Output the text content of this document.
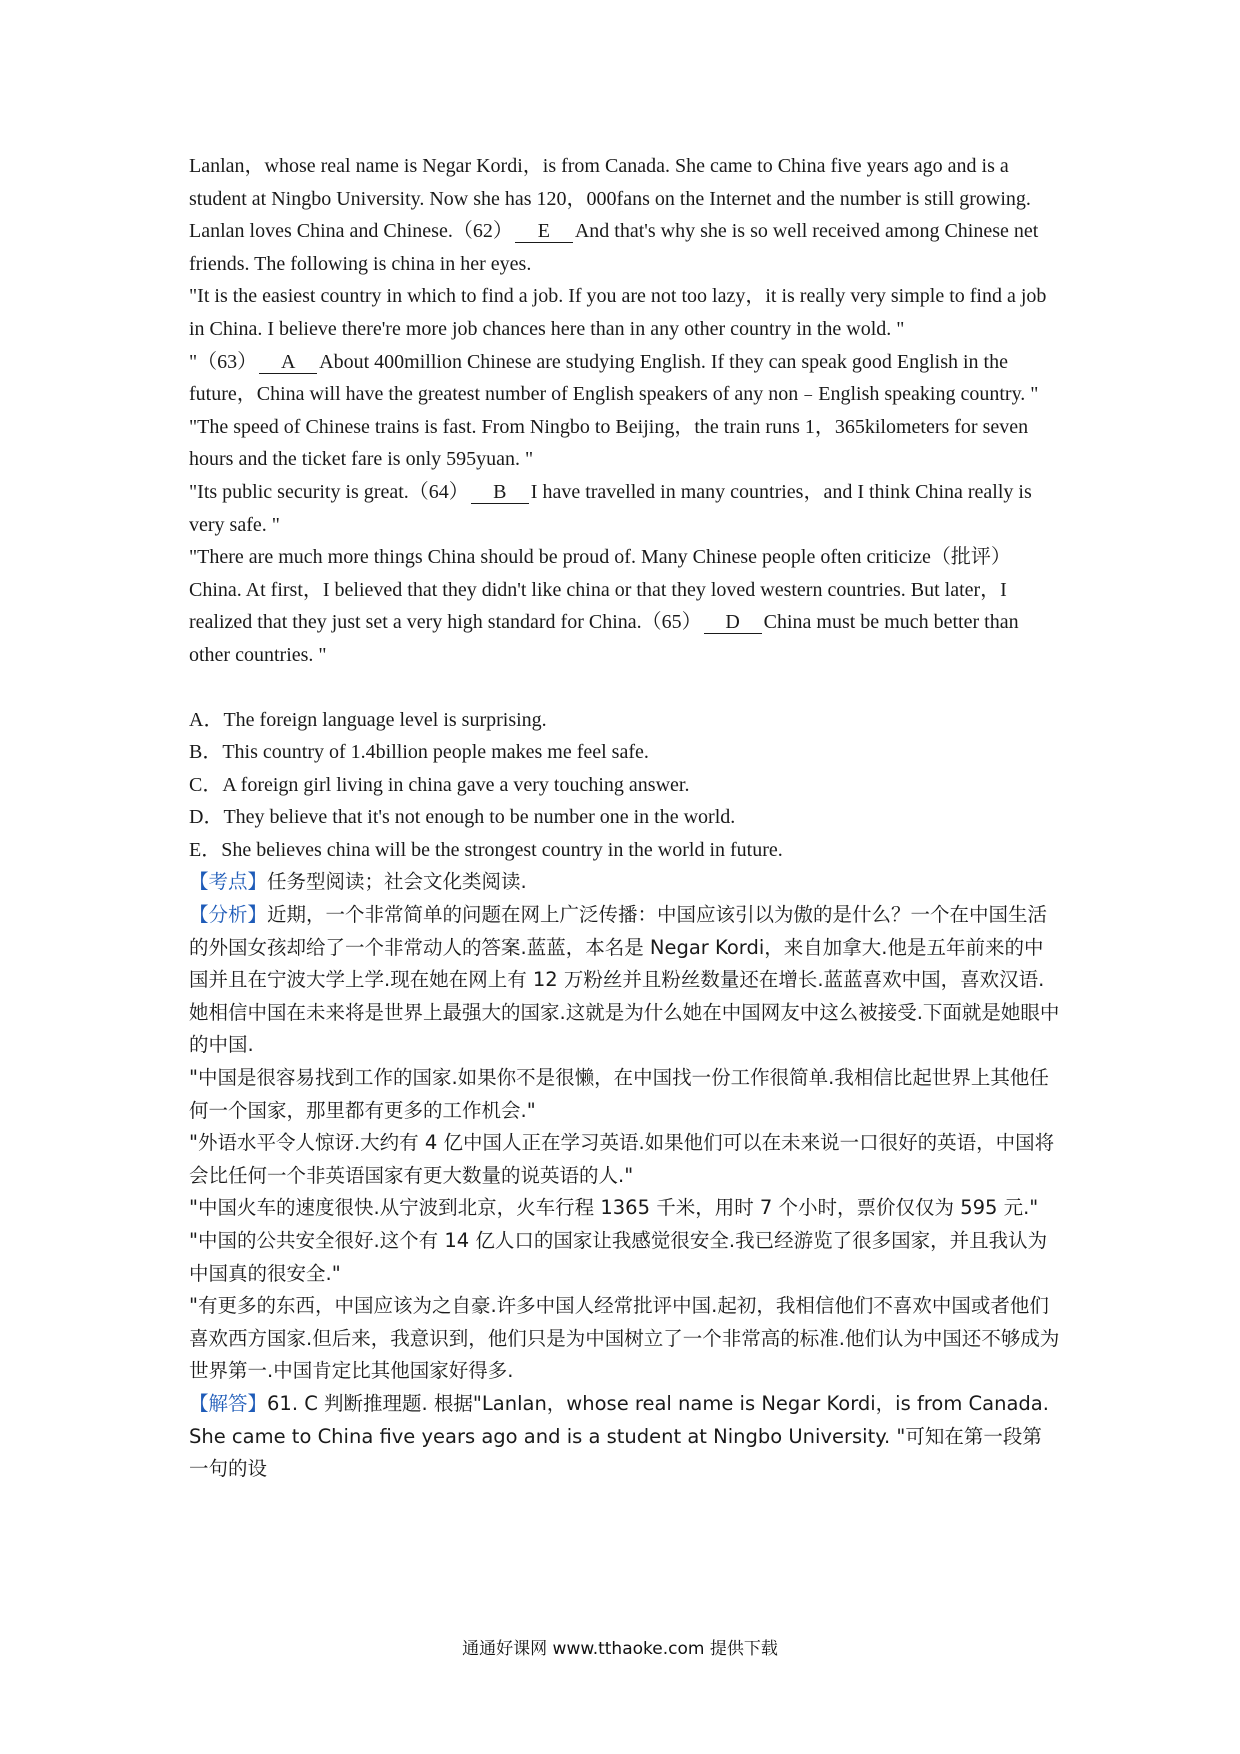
Lanlan，whose real name is Negar Kordi，is from Canada. She came to China five years ago and is a student at Ningbo University. Now she has 120，000fans on the Internet and the number is still growing.

Lanlan loves China and Chinese.（62） E And that's why she is so well received among Chinese net friends. The following is china in her eyes.

"It is the easiest country in which to find a job. If you are not too lazy，it is really very simple to find a job in China. I believe there're more job chances here than in any other country in the wold. "

"（63） A About 400million Chinese are studying English. If they can speak good English in the future，China will have the greatest number of English speakers of any non﹣English speaking country. "

"The speed of Chinese trains is fast. From Ningbo to Beijing，the train runs 1，365kilometers for seven hours and the ticket fare is only 595yuan. "

"Its public security is great.（64） B I have travelled in many countries，and I think China really is very safe. "

"There are much more things China should be proud of. Many Chinese people often criticize（批评）China. At first，I believed that they didn't like china or that they loved western countries. But later，I realized that they just set a very high standard for China.（65） D China must be much better than other countries. "

A．The foreign language level is surprising.

B．This country of 1.4billion people makes me feel safe.

C．A foreign girl living in china gave a very touching answer.

D．They believe that it's not enough to be number one in the world.

E．She believes china will be the strongest country in the world in future.

【考点】任务型阅读；社会文化类阅读.

【分析】近期，一个非常简单的问题在网上广泛传播：中国应该引以为傲的是什么？一个在中国生活的外国女孩却给了一个非常动人的答案.蓝蓝，本名是 Negar Kordi，来自加拿大.他是五年前来的中国并且在宁波大学上学.现在她在网上有 12 万粉丝并且粉丝数量还在增长.蓝蓝喜欢中国，喜欢汉语.她相信中国在未来将是世界上最强大的国家.这就是为什么她在中国网友中这么被接受.下面就是她眼中的中国.

"中国是很容易找到工作的国家.如果你不是很懒，在中国找一份工作很简单.我相信比起世界上其他任何一个国家，那里都有更多的工作机会."

"外语水平令人惊讶.大约有 4 亿中国人正在学习英语.如果他们可以在未来说一口很好的英语，中国将会比任何一个非英语国家有更大数量的说英语的人."

"中国火车的速度很快.从宁波到北京，火车行程 1365 千米，用时 7 个小时，票价仅仅为 595 元."

"中国的公共安全很好.这个有 14 亿人口的国家让我感觉很安全.我已经游览了很多国家，并且我认为中国真的很安全."

"有更多的东西，中国应该为之自豪.许多中国人经常批评中国.起初，我相信他们不喜欢中国或者他们喜欢西方国家.但后来，我意识到，他们只是为中国树立了一个非常高的标准.他们认为中国还不够成为世界第一.中国肯定比其他国家好得多.

【解答】61. C 判断推理题. 根据"Lanlan，whose real name is Negar Kordi，is from Canada. She came to China five years ago and is a student at Ningbo University. "可知在第一段第一句的设

通通好课网 www.tthaoke.com 提供下载
